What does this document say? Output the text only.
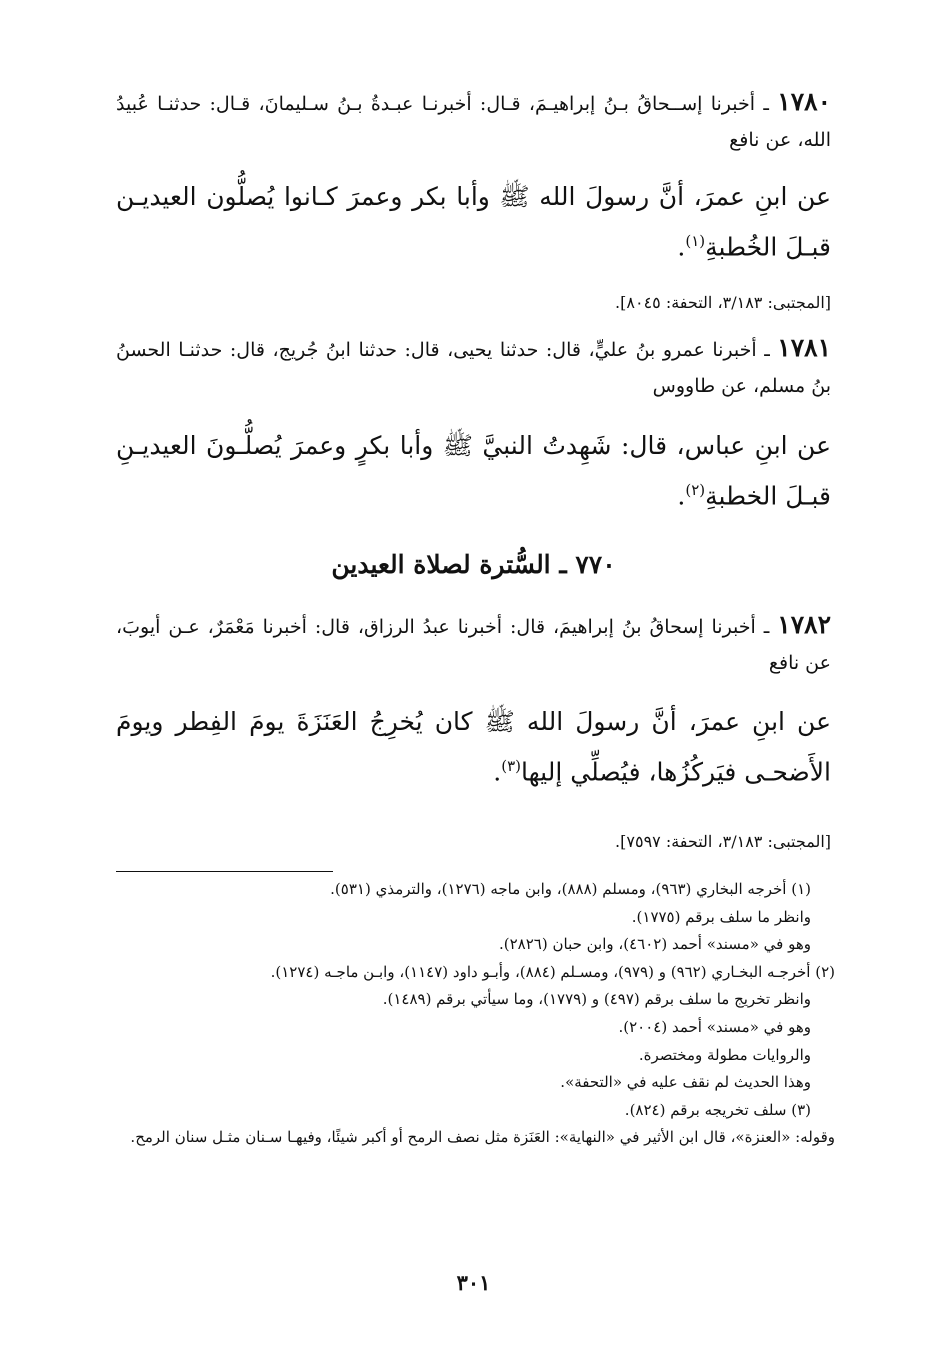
١٧٨٠ ـ أخبرنا إســحاقُ بـنُ إبراهيـمَ، قـال: أخبرنـا عبـدةُ بـنُ سـليمانَ، قـال: حدثنـا عُبيدُ الله، عن نافع

عن ابنِ عمرَ، أنَّ رسولَ الله ﷺ وأبا بكر وعمرَ كـانوا يُصلُّون العيديـن قبـلَ الخُطبةِ$^{(١)}$.

[المجتبى: ٣/١٨٣، التحفة: ٨٠٤٥].

١٧٨١ ـ أخبرنا عمرو بنُ عليٍّ، قال: حدثنا يحيى، قال: حدثنا ابنُ جُريج، قال: حدثنـا الحسنُ بنُ مسلم، عن طاووس

عن ابنِ عباس، قال: شَهِدتُ النبيَّ ﷺ وأبا بكرٍ وعمرَ يُصلُّـونَ العيديـنِ قبـلَ الخطبةِ$^{(٢)}$.

٧٧٠ ـ السُّترة لصلاة العيدين

١٧٨٢ ـ أخبرنا إسحاقُ بنُ إبراهيمَ، قال: أخبرنا عبدُ الرزاق، قال: أخبرنا مَعْمَرٌ، عـن أيوبَ، عن نافع

عن ابنِ عمرَ، أنَّ رسولَ الله ﷺ كان يُخرِجُ العَنَزَةَ يومَ الفِطر ويومَ الأَضحـى فيَركُزُها، فيُصلِّي إليها$^{(٣)}$.

[المجتبى: ٣/١٨٣، التحفة: ٧٥٩٧].

(١) أخرجه البخاري (٩٦٣)، ومسلم (٨٨٨)، وابن ماجه (١٢٧٦)، والترمذي (٥٣١).

وانظر ما سلف برقم (١٧٧٥).

وهو في «مسند» أحمد (٤٦٠٢)، وابن حبان (٢٨٢٦).

(٢) أخرجـه البخـاري (٩٦٢) و (٩٧٩)، ومسـلم (٨٨٤)، وأبـو داود (١١٤٧)، وابـن ماجـه (١٢٧٤).

وانظر تخريج ما سلف برقم (٤٩٧) و (١٧٧٩)، وما سيأتي برقم (١٤٨٩).

وهو في «مسند» أحمد (٢٠٠٤).

والروايات مطولة ومختصرة.

وهذا الحديث لم نقف عليه في «التحفة».

(٣) سلف تخريجه برقم (٨٢٤).

وقوله: «العنزة»، قال ابن الأثير في «النهاية»: العَنَزة مثل نصف الرمح أو أكبر شيئًا، وفيهـا سـنان مثـل سنان الرمح.

٣٠١
